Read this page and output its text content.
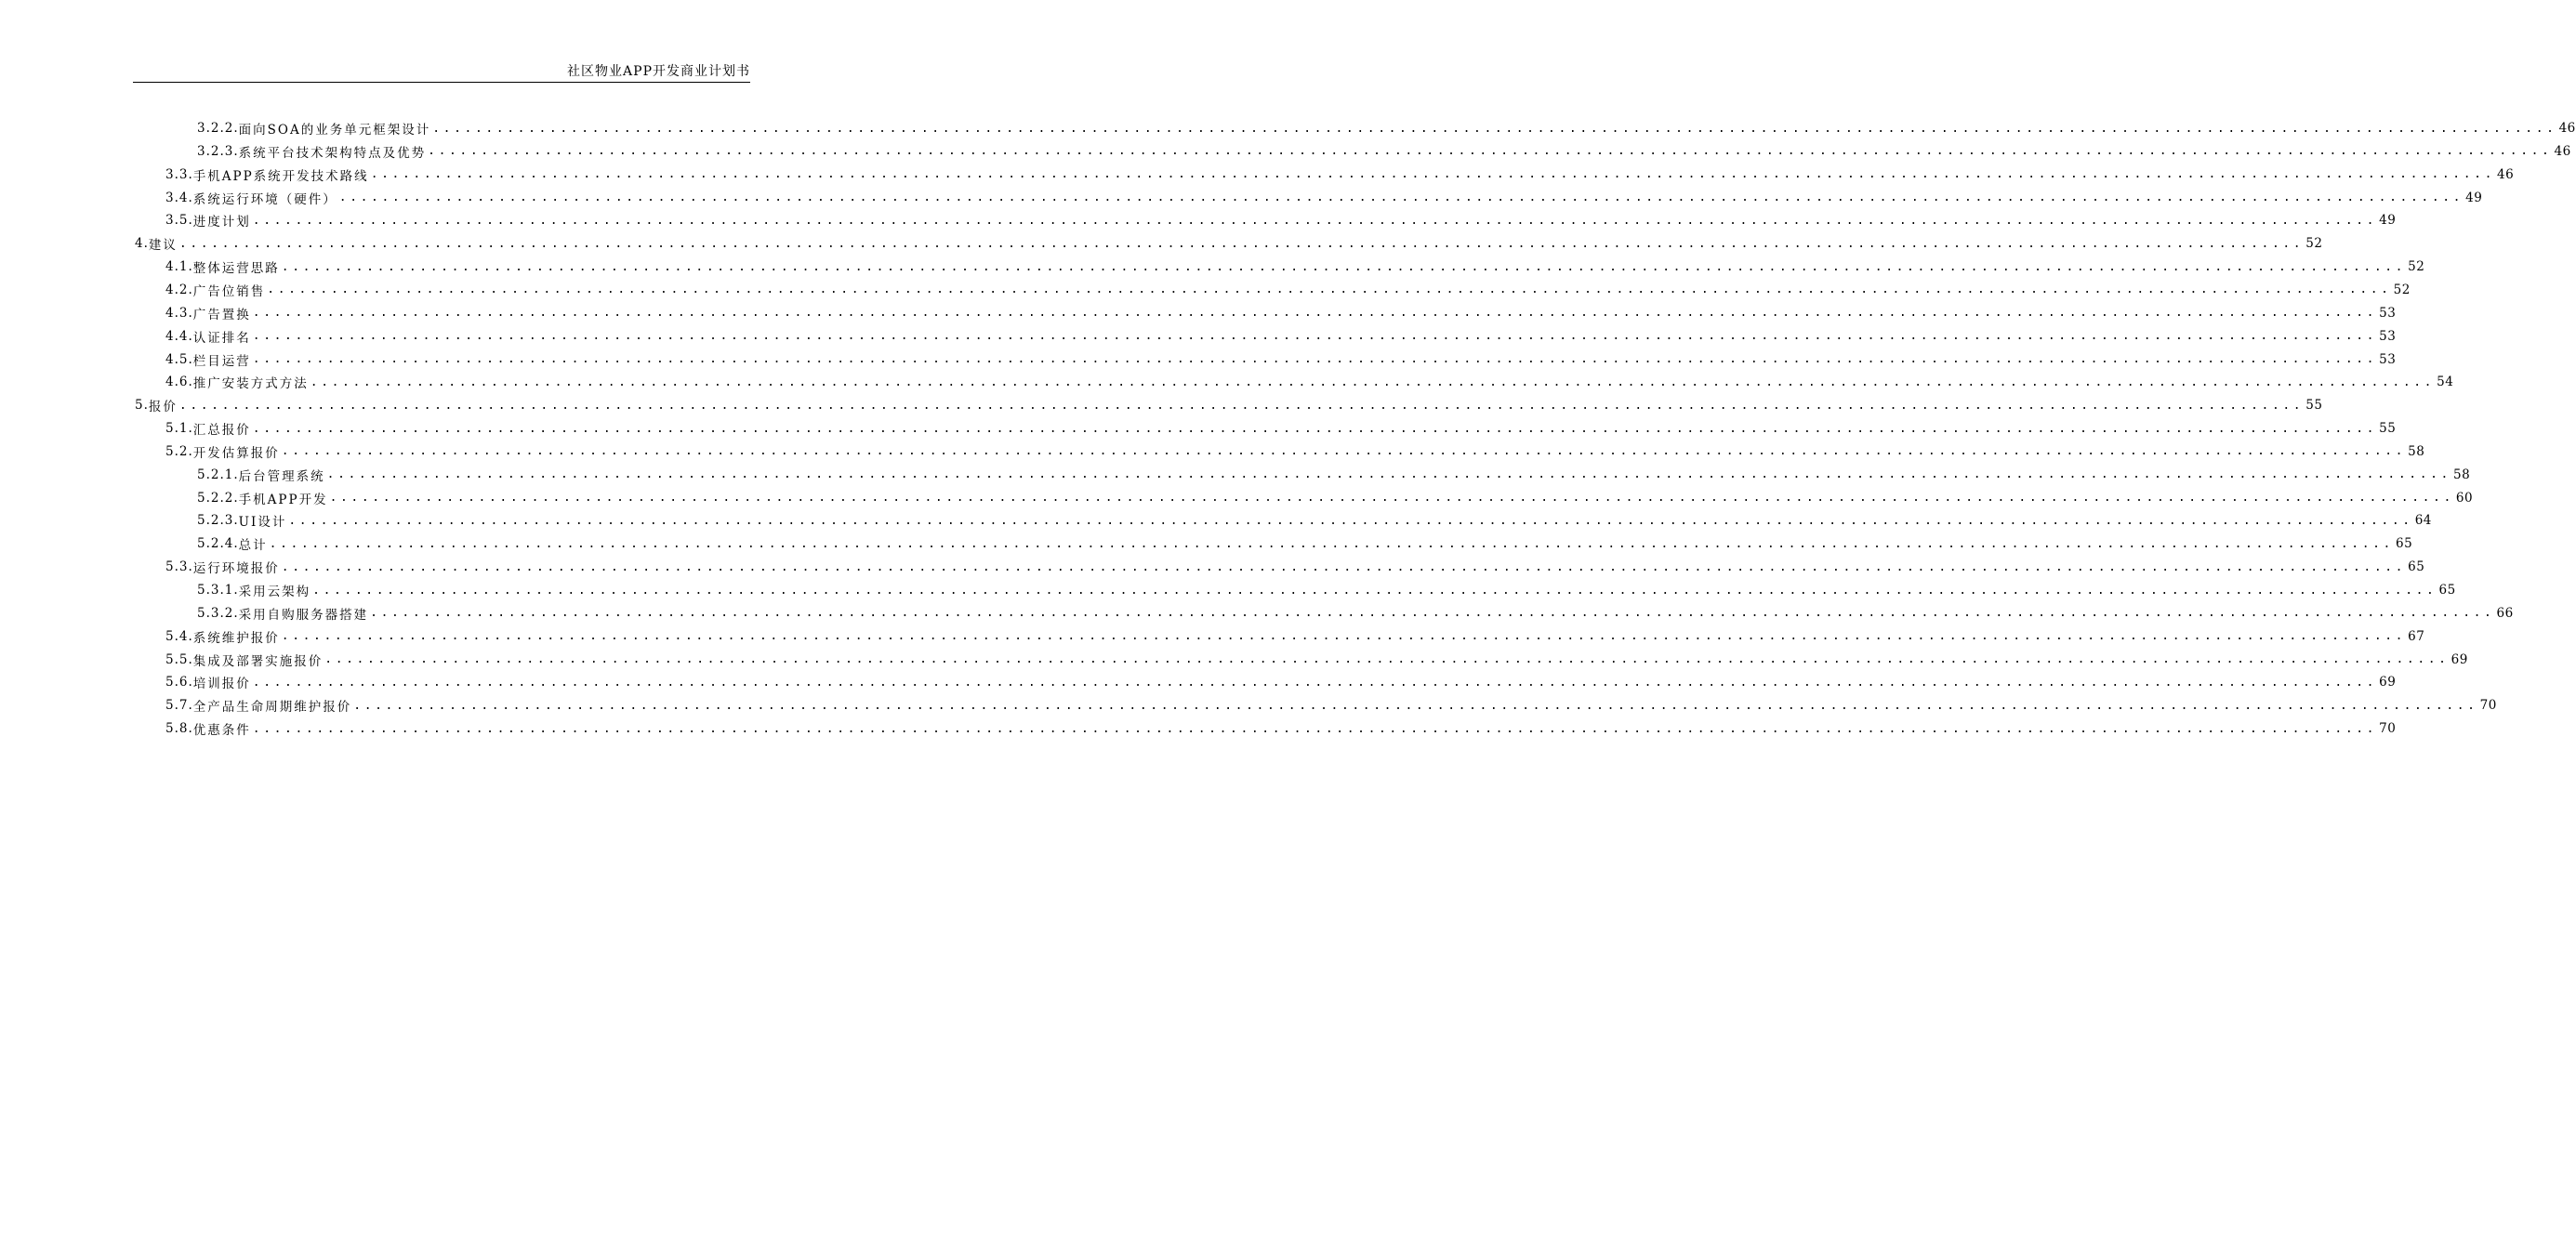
社区物业APP开发商业计划书
3.2.2. 面向SOA的业务单元框架设计 ........................................................................................................................................................................................................ 46
3.2.3. 系统平台技术架构特点及优势 ........................................................................................................................................................................................................ 46
3.3. 手机APP系统开发技术路线 ........................................................................................................................................................................................................ 46
3.4. 系统运行环境（硬件） ........................................................................................................................................................................................................ 49
3.5. 进度计划 ........................................................................................................................................................................................................ 49
4. 建议 ........................................................................................................................................................................................................ 52
4.1. 整体运营思路 ........................................................................................................................................................................................................ 52
4.2. 广告位销售 ........................................................................................................................................................................................................ 52
4.3. 广告置换 ........................................................................................................................................................................................................ 53
4.4. 认证排名 ........................................................................................................................................................................................................ 53
4.5. 栏目运营 ........................................................................................................................................................................................................ 53
4.6. 推广安装方式方法 ........................................................................................................................................................................................................ 54
5. 报价 ........................................................................................................................................................................................................ 55
5.1. 汇总报价 ........................................................................................................................................................................................................ 55
5.2. 开发估算报价 ........................................................................................................................................................................................................ 58
5.2.1. 后台管理系统 ........................................................................................................................................................................................................ 58
5.2.2. 手机APP开发 ........................................................................................................................................................................................................ 60
5.2.3. UI设计 ........................................................................................................................................................................................................ 64
5.2.4. 总计 ........................................................................................................................................................................................................ 65
5.3. 运行环境报价 ........................................................................................................................................................................................................ 65
5.3.1. 采用云架构 ........................................................................................................................................................................................................ 65
5.3.2. 采用自购服务器搭建 ........................................................................................................................................................................................................ 66
5.4. 系统维护报价 ........................................................................................................................................................................................................ 67
5.5. 集成及部署实施报价 ........................................................................................................................................................................................................ 69
5.6. 培训报价 ........................................................................................................................................................................................................ 69
5.7. 全产品生命周期维护报价 ........................................................................................................................................................................................................ 70
5.8. 优惠条件 ........................................................................................................................................................................................................ 70
